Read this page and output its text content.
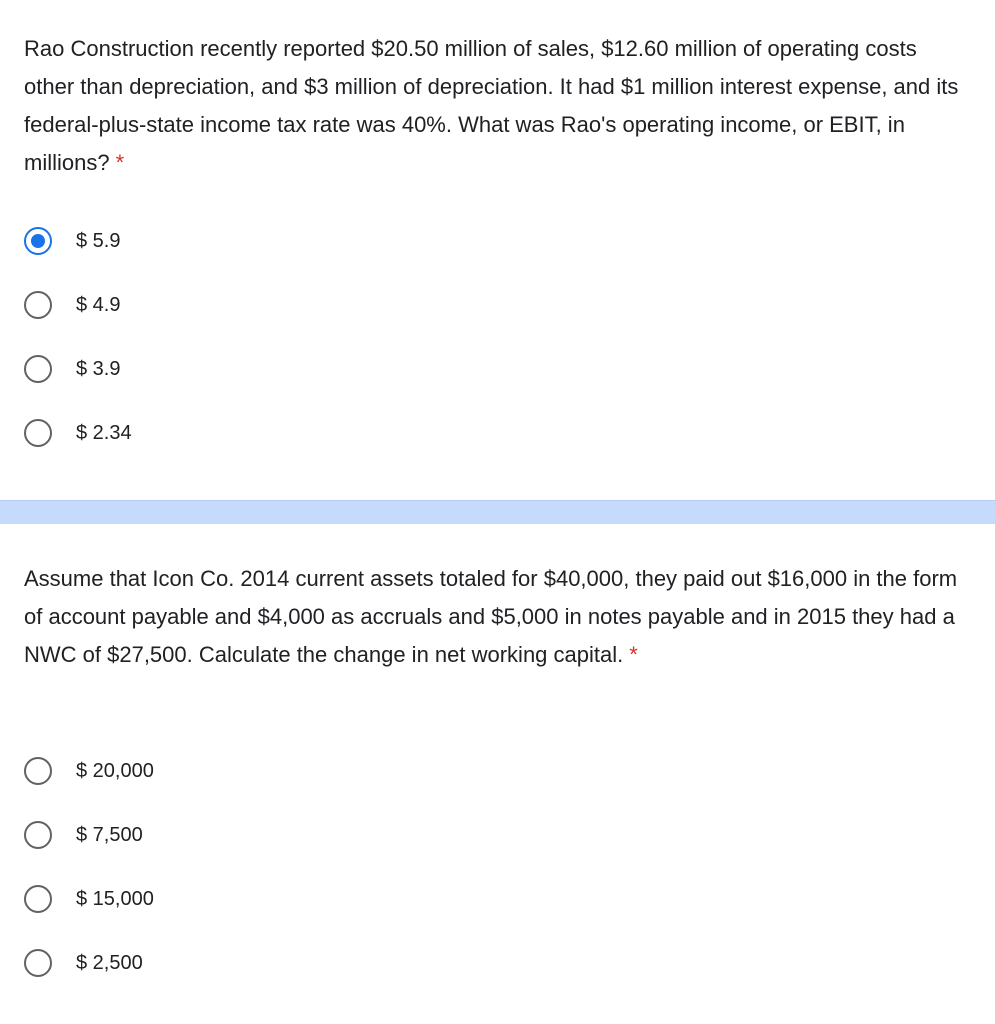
Rao Construction recently reported $20.50 million of sales, $12.60 million of operating costs other than depreciation, and $3 million of depreciation. It had $1 million interest expense, and its federal-plus-state income tax rate was 40%. What was Rao's operating income, or EBIT, in millions? *

$ 5.9
$ 4.9
$ 3.9
$ 2.34

Assume that Icon Co. 2014 current assets totaled for $40,000, they paid out $16,000 in the form of account payable and $4,000 as accruals and $5,000 in notes payable and in 2015 they had a NWC of $27,500. Calculate the change in net working capital. *

$ 20,000
$ 7,500
$ 15,000
$ 2,500
